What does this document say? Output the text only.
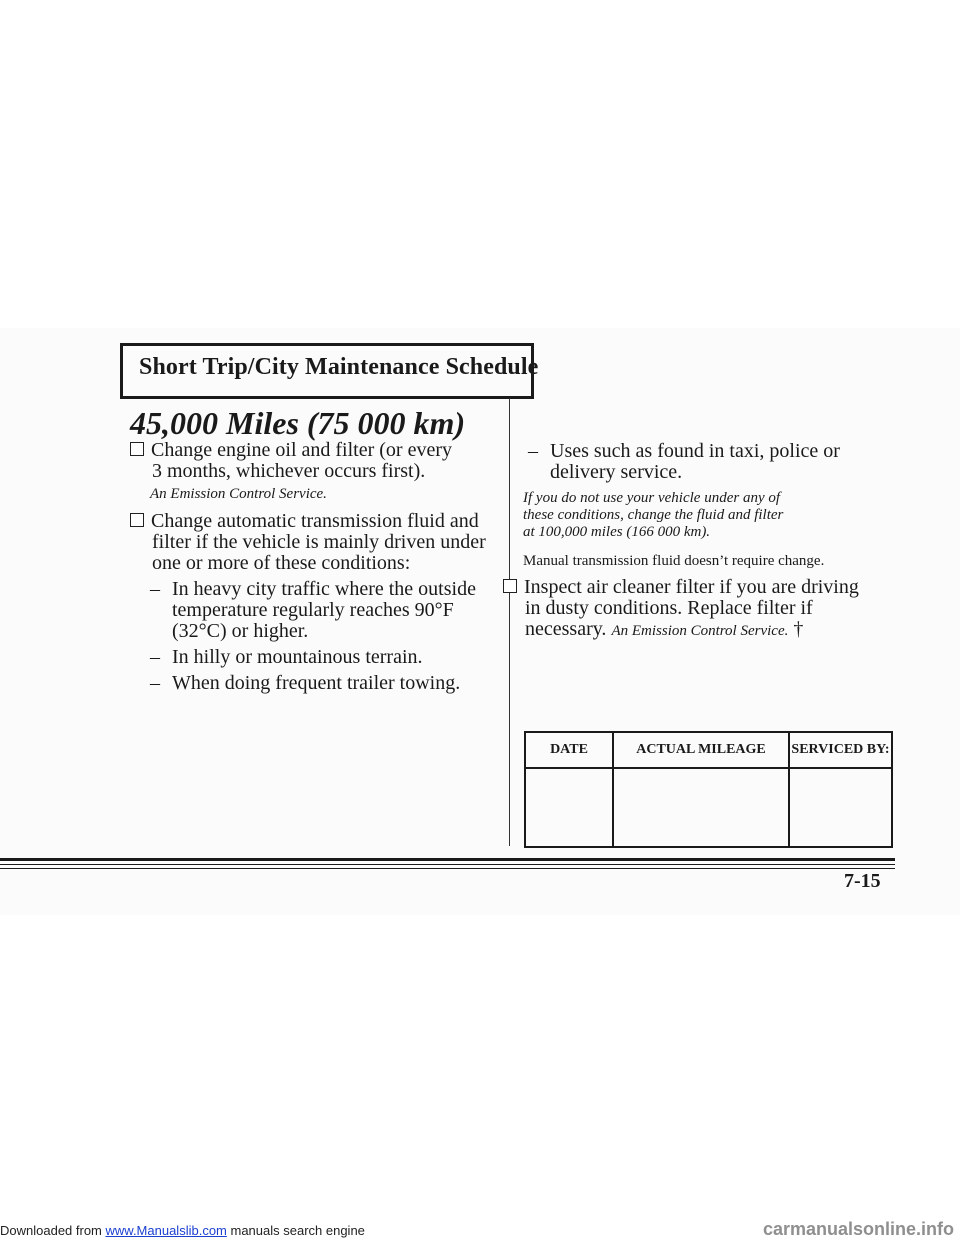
Short Trip/City Maintenance Schedule
45,000 Miles (75 000 km)
Change engine oil and filter (or every
3 months, whichever occurs first).
An Emission Control Service.
Change automatic transmission fluid and
filter if the vehicle is mainly driven under
one or more of these conditions:
– In heavy city traffic where the outside
temperature regularly reaches 90°F
(32°C) or higher.
– In hilly or mountainous terrain.
– When doing frequent trailer towing.
– Uses such as found in taxi, police or
delivery service.
If you do not use your vehicle under any of
these conditions, change the fluid and filter
at 100,000 miles (166 000 km).
Manual transmission fluid doesn’t require change.
Inspect air cleaner filter if you are driving
in dusty conditions. Replace filter if
necessary. An Emission Control Service. †
DATE	ACTUAL MILEAGE	SERVICED BY:

7-15
Downloaded from www.Manualslib.com manuals search engine	carmanualsonline.info
